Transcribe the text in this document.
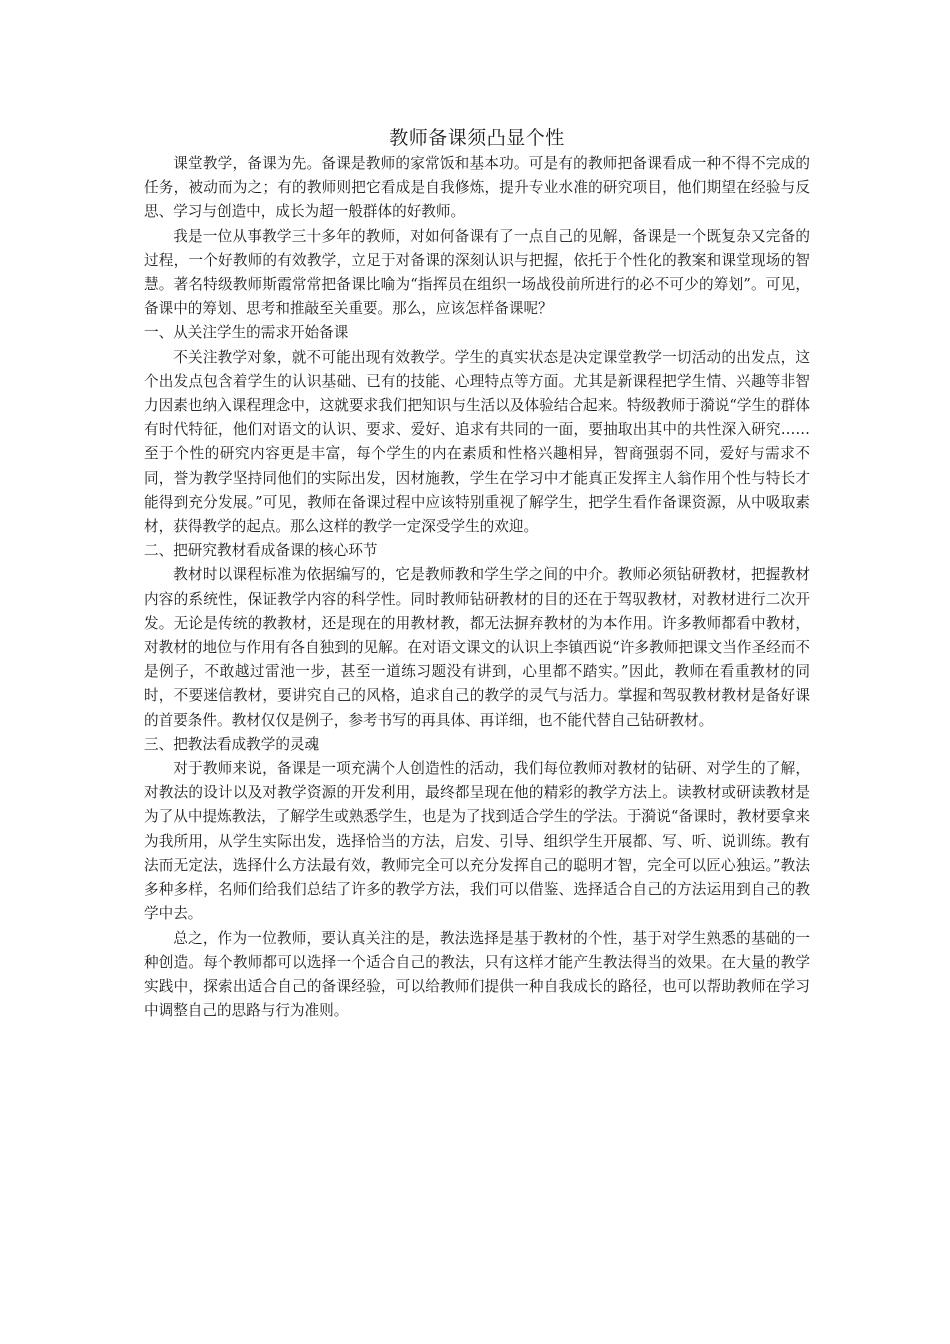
教师备课须凸显个性

课堂教学，备课为先。备课是教师的家常饭和基本功。可是有的教师把备课看成一种不得不完成的任务，被动而为之；有的教师则把它看成是自我修炼，提升专业水准的研究项目，他们期望在经验与反思、学习与创造中，成长为超一般群体的好教师。

我是一位从事教学三十多年的教师，对如何备课有了一点自己的见解，备课是一个既复杂又完备的过程，一个好教师的有效教学，立足于对备课的深刻认识与把握，依托于个性化的教案和课堂现场的智慧。著名特级教师斯霞常常把备课比喻为“指挥员在组织一场战役前所进行的必不可少的筹划”。可见，备课中的筹划、思考和推敲至关重要。那么，应该怎样备课呢？

一、从关注学生的需求开始备课

不关注教学对象，就不可能出现有效教学。学生的真实状态是决定课堂教学一切活动的出发点，这个出发点包含着学生的认识基础、已有的技能、心理特点等方面。尤其是新课程把学生情、兴趣等非智力因素也纳入课程理念中，这就要求我们把知识与生活以及体验结合起来。特级教师于漪说“学生的群体有时代特征，他们对语文的认识、要求、爱好、追求有共同的一面，要抽取出其中的共性深入研究……至于个性的研究内容更是丰富，每个学生的内在素质和性格兴趣相异，智商强弱不同，爱好与需求不同，誉为教学坚持同他们的实际出发，因材施教，学生在学习中才能真正发挥主人翁作用个性与特长才能得到充分发展。”可见，教师在备课过程中应该特别重视了解学生，把学生看作备课资源，从中吸取素材，获得教学的起点。那么这样的教学一定深受学生的欢迎。

二、把研究教材看成备课的核心环节

教材时以课程标准为依据编写的，它是教师教和学生学之间的中介。教师必须钻研教材，把握教材内容的系统性，保证教学内容的科学性。同时教师钻研教材的目的还在于驾驭教材，对教材进行二次开发。无论是传统的教教材，还是现在的用教材教，都无法摒弃教材的为本作用。许多教师都看中教材，对教材的地位与作用有各自独到的见解。在对语文课文的认识上李镇西说“许多教师把课文当作圣经而不是例子，不敢越过雷池一步，甚至一道练习题没有讲到，心里都不踏实。”因此，教师在看重教材的同时，不要迷信教材，要讲究自己的风格，追求自己的教学的灵气与活力。掌握和驾驭教材教材是备好课的首要条件。教材仅仅是例子，参考书写的再具体、再详细，也不能代替自己钻研教材。

三、把教法看成教学的灵魂

对于教师来说，备课是一项充满个人创造性的活动，我们每位教师对教材的钻研、对学生的了解，对教法的设计以及对教学资源的开发利用，最终都呈现在他的精彩的教学方法上。读教材或研读教材是为了从中提炼教法，了解学生或熟悉学生，也是为了找到适合学生的学法。于漪说“备课时，教材要拿来为我所用，从学生实际出发，选择恰当的方法，启发、引导、组织学生开展都、写、听、说训练。教有法而无定法，选择什么方法最有效，教师完全可以充分发挥自己的聪明才智，完全可以匠心独运。”教法多种多样，名师们给我们总结了许多的教学方法，我们可以借鉴、选择适合自己的方法运用到自己的教学中去。

总之，作为一位教师，要认真关注的是，教法选择是基于教材的个性，基于对学生熟悉的基础的一种创造。每个教师都可以选择一个适合自己的教法，只有这样才能产生教法得当的效果。在大量的教学实践中，探索出适合自己的备课经验，可以给教师们提供一种自我成长的路径，也可以帮助教师在学习中调整自己的思路与行为准则。
